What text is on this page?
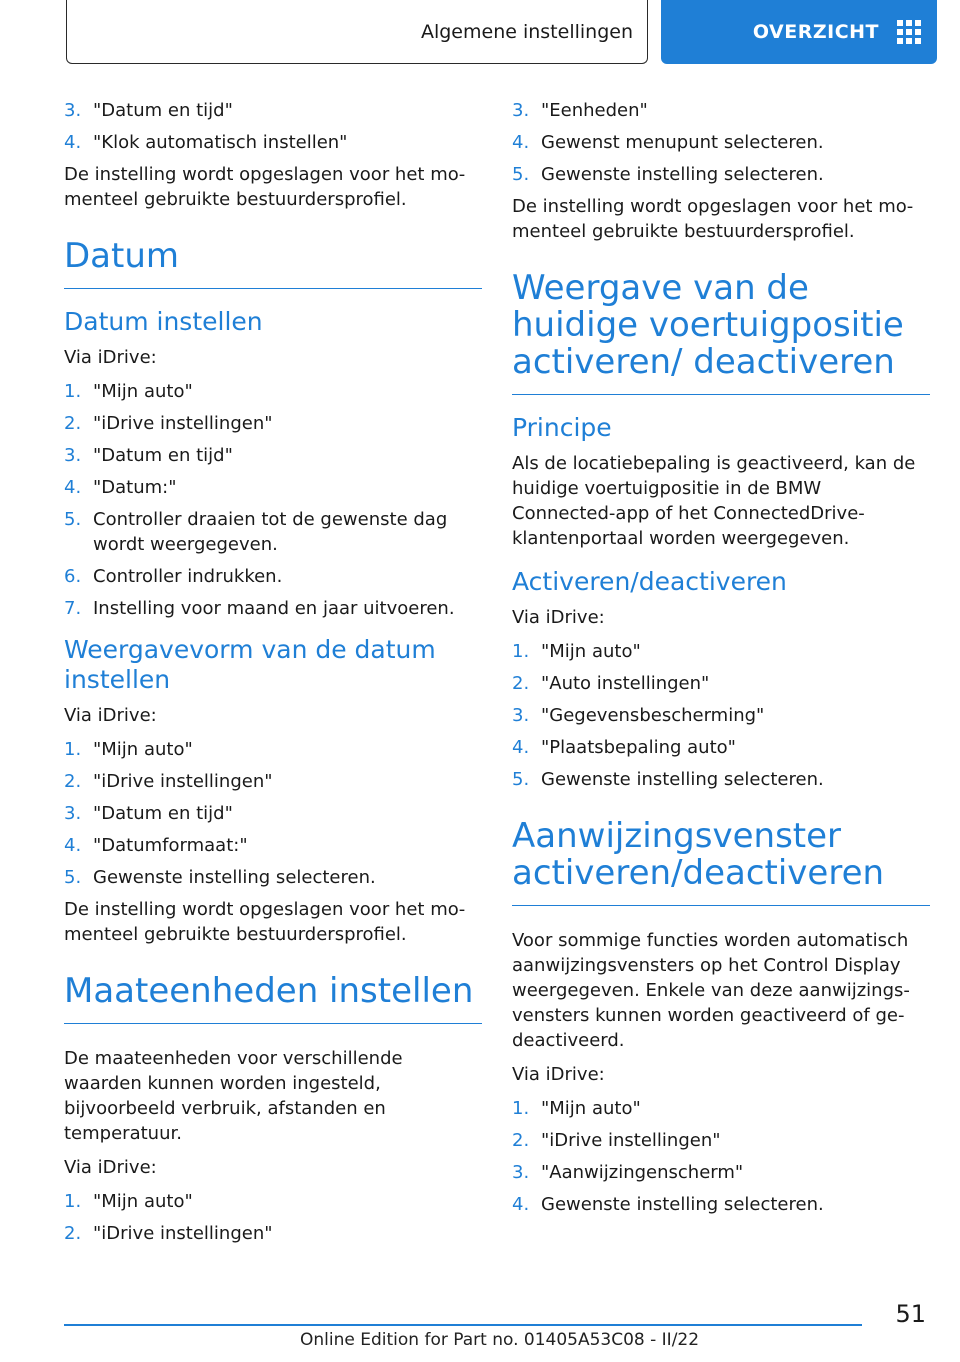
Algemene instellingen	OVERZICHT
3. "Datum en tijd"
4. "Klok automatisch instellen"

De instelling wordt opgeslagen voor het momenteel gebruikte bestuurdersprofiel.

Datum
Datum instellen

Via iDrive:

1. "Mijn auto"
2. "iDrive instellingen"
3. "Datum en tijd"
4. "Datum:"
5. Controller draaien tot de gewenste dag wordt weergegeven.
6. Controller indrukken.
7. Instelling voor maand en jaar uitvoeren.
Weergavevorm van de datum instellen

Via iDrive:

1. "Mijn auto"
2. "iDrive instellingen"
3. "Datum en tijd"
4. "Datumformaat:"
5. Gewenste instelling selecteren.

De instelling wordt opgeslagen voor het momenteel gebruikte bestuurdersprofiel.

Maateenheden instellen

De maateenheden voor verschillende waarden kunnen worden ingesteld, bijvoorbeeld verbruik, afstanden en temperatuur.

Via iDrive:

1. "Mijn auto"
2. "iDrive instellingen"
3. "Eenheden"
4. Gewenst menupunt selecteren.
5. Gewenste instelling selecteren.

De instelling wordt opgeslagen voor het momenteel gebruikte bestuurdersprofiel.

Weergave van de huidige voertuigpositie activeren/ deactiveren
Principe

Als de locatiebepaling is geactiveerd, kan de huidige voertuigpositie in de BMW Connected-app of het ConnectedDrive-klantenportaal worden weergegeven.

Activeren/deactiveren

Via iDrive:

1. "Mijn auto"
2. "Auto instellingen"
3. "Gegevensbescherming"
4. "Plaatsbepaling auto"
5. Gewenste instelling selecteren.
Aanwijzingsvenster activeren/deactiveren

Voor sommige functies worden automatisch aanwijzingsvensters op het Control Display weergegeven. Enkele van deze aanwijzingsvensters kunnen worden geactiveerd of gedeactiveerd.

Via iDrive:

1. "Mijn auto"
2. "iDrive instellingen"
3. "Aanwijzingenscherm"
4. Gewenste instelling selecteren.
51
Online Edition for Part no. 01405A53C08 - II/22
